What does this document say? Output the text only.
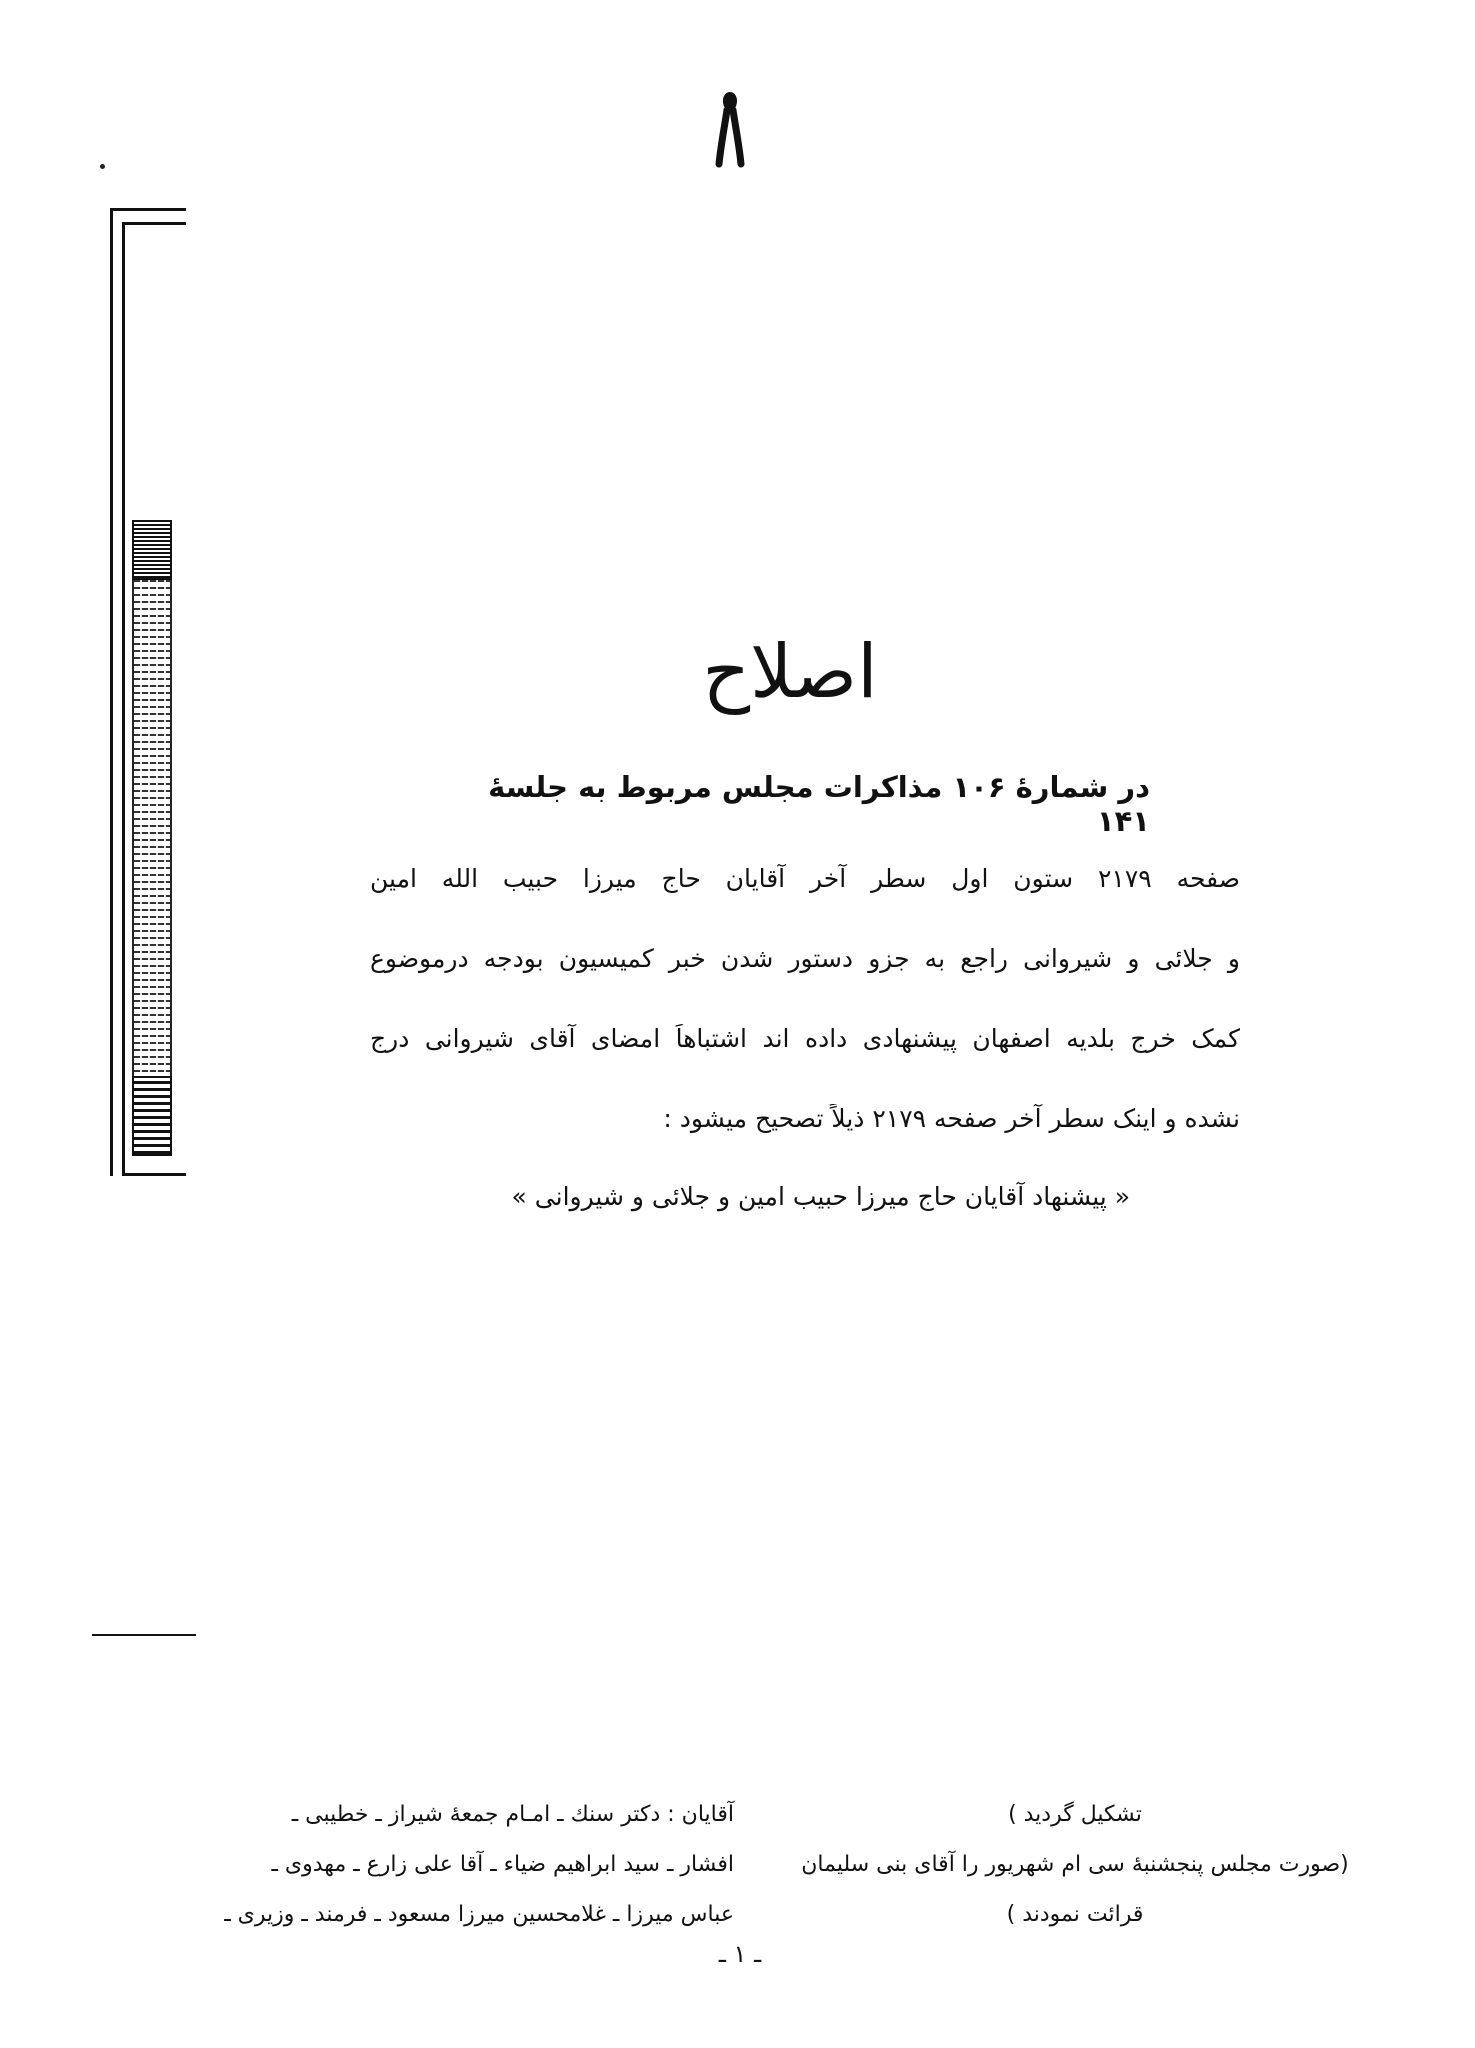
اصلاح
در شمارهٔ ۱۰۶ مذاکرات مجلس مربوط به جلسهٔ ۱۴۱
صفحه ۲۱۷۹ ستون اول سطر آخر آقایان حاج میرزا حبیب الله امین
و جلائی و شیروانی راجع به جزو دستور شدن خبر کمیسیون بودجه درموضوع
کمک خرج بلدیه اصفهان پیشنهادی داده اند اشتباهاً امضای آقای شیروانی درج
نشده و اینک سطر آخر صفحه ۲۱۷۹ ذیلاً تصحیح میشود :
« پیشنهاد آقایان حاج میرزا حبیب امین و جلائی و شیروانی »
آقایان : دکتر سنك ـ امـام جمعهٔ شیراز ـ خطیبی ـ
افشار ـ سید ابراهیم ضیاء ـ آقا علی زارع ـ مهدوی ـ
عباس میرزا ـ غلامحسین میرزا مسعود ـ فرمند ـ وزیری ـ
تشکیل گردید )
(صورت مجلس پنجشنبهٔ سی ام شهریور را آقای بنی سلیمان
قرائت نمودند )
ـ ۱ ـ
